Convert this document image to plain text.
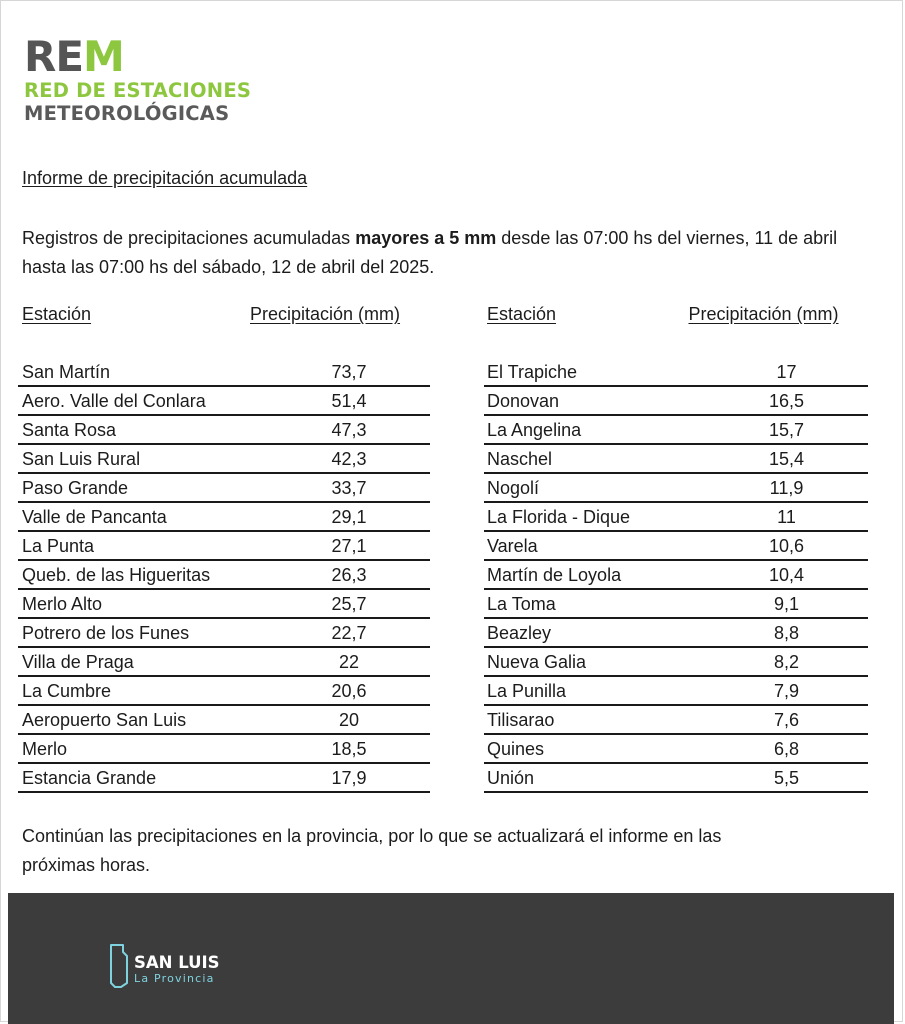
REM
RED DE ESTACIONES
METEOROLÓGICAS
Informe de precipitación acumulada
Registros de precipitaciones acumuladas mayores a 5 mm desde las 07:00 hs del viernes, 11 de abril hasta las 07:00 hs del sábado, 12 de abril del 2025.
Estación	Precipitación (mm)
San Martín	73,7
Aero. Valle del Conlara	51,4
Santa Rosa	47,3
San Luis Rural	42,3
Paso Grande	33,7
Valle de Pancanta	29,1
La Punta	27,1
Queb. de las Higueritas	26,3
Merlo Alto	25,7
Potrero de los Funes	22,7
Villa de Praga	22
La Cumbre	20,6
Aeropuerto San Luis	20
Merlo	18,5
Estancia Grande	17,9
Estación	Precipitación (mm)
El Trapiche	17
Donovan	16,5
La Angelina	15,7
Naschel	15,4
Nogolí	11,9
La Florida - Dique	11
Varela	10,6
Martín de Loyola	10,4
La Toma	9,1
Beazley	8,8
Nueva Galia	8,2
La Punilla	7,9
Tilisarao	7,6
Quines	6,8
Unión	5,5
Continúan las precipitaciones en la provincia, por lo que se actualizará el informe en las próximas horas.
SAN LUIS
La Provincia
